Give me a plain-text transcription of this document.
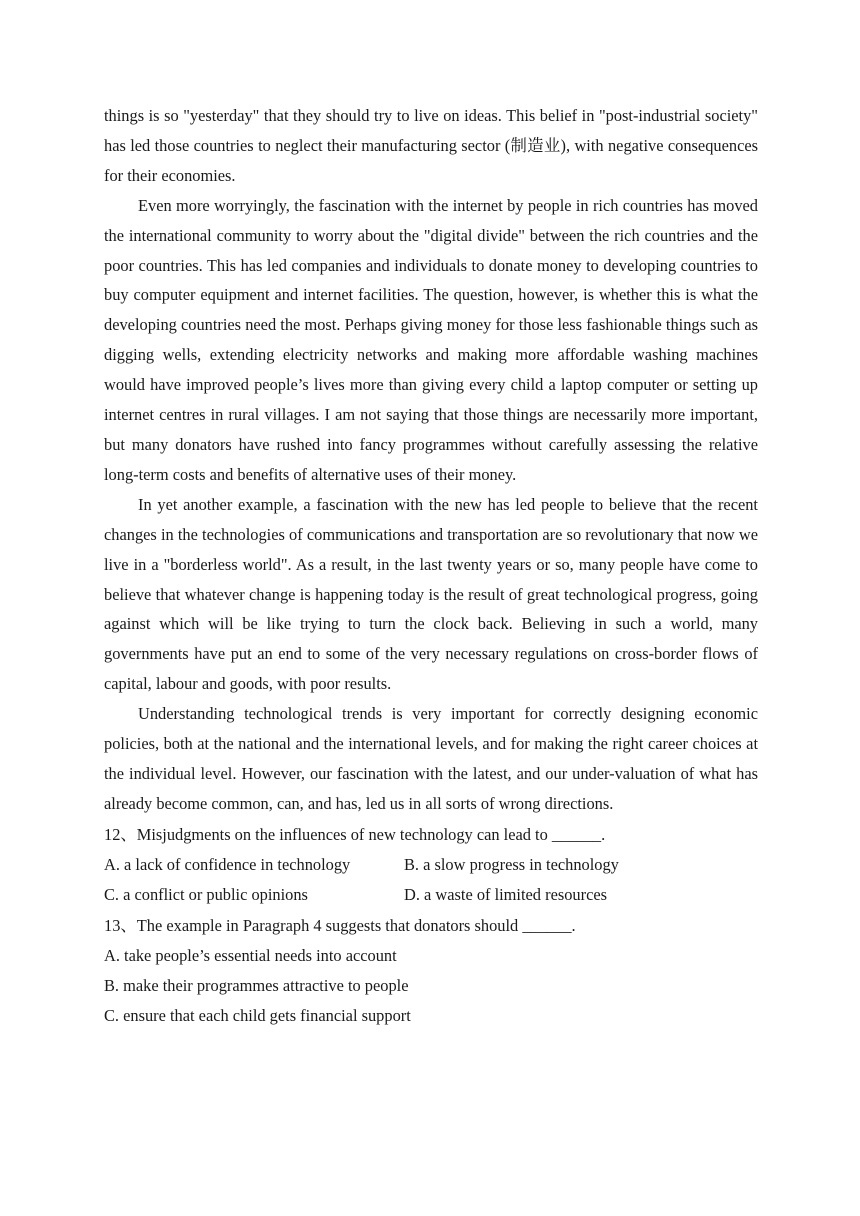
things is so "yesterday" that they should try to live on ideas. This belief in "post-industrial society" has led those countries to neglect their manufacturing sector (制造业), with negative consequences for their economies.

Even more worryingly, the fascination with the internet by people in rich countries has moved the international community to worry about the "digital divide" between the rich countries and the poor countries. This has led companies and individuals to donate money to developing countries to buy computer equipment and internet facilities. The question, however, is whether this is what the developing countries need the most. Perhaps giving money for those less fashionable things such as digging wells, extending electricity networks and making more affordable washing machines would have improved people’s lives more than giving every child a laptop computer or setting up internet centres in rural villages. I am not saying that those things are necessarily more important, but many donators have rushed into fancy programmes without carefully assessing the relative long-term costs and benefits of alternative uses of their money.

In yet another example, a fascination with the new has led people to believe that the recent changes in the technologies of communications and transportation are so revolutionary that now we live in a "borderless world". As a result, in the last twenty years or so, many people have come to believe that whatever change is happening today is the result of great technological progress, going against which will be like trying to turn the clock back. Believing in such a world, many governments have put an end to some of the very necessary regulations on cross-border flows of capital, labour and goods, with poor results.

Understanding technological trends is very important for correctly designing economic policies, both at the national and the international levels, and for making the right career choices at the individual level. However, our fascination with the latest, and our under-valuation of what has already become common, can, and has, led us in all sorts of wrong directions.

12、Misjudgments on the influences of new technology can lead to ______.

A. a lack of confidence in technology	B. a slow progress in technology
C. a conflict or public opinions	D. a waste of limited resources

13、The example in Paragraph 4 suggests that donators should ______.

A. take people’s essential needs into account

B. make their programmes attractive to people

C. ensure that each child gets financial support
